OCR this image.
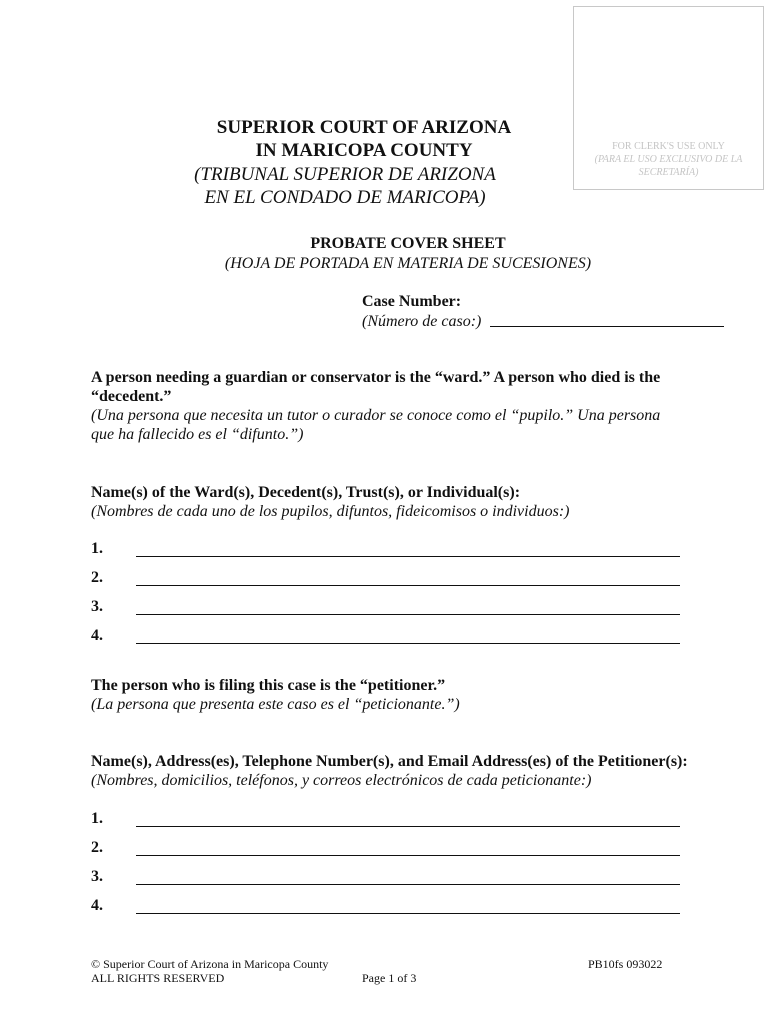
FOR CLERK'S USE ONLY
(PARA EL USO EXCLUSIVO DE LA SECRETARÍA)
SUPERIOR COURT OF ARIZONA
IN MARICOPA COUNTY
(TRIBUNAL SUPERIOR DE ARIZONA
EN EL CONDADO DE MARICOPA)
PROBATE COVER SHEET
(HOJA DE PORTADA EN MATERIA DE SUCESIONES)
Case Number:
(Número de caso:)
A person needing a guardian or conservator is the “ward.” A person who died is the
“decedent.”
(Una persona que necesita un tutor o curador se conoce como el “pupilo.” Una persona
que ha fallecido es el “difunto.”)
Name(s) of the Ward(s), Decedent(s), Trust(s), or Individual(s):
(Nombres de cada uno de los pupilos, difuntos, fideicomisos o individuos:)
1.
2.
3.
4.
The person who is filing this case is the “petitioner.”
(La persona que presenta este caso es el “peticionante.”)
Name(s), Address(es), Telephone Number(s), and Email Address(es) of the Petitioner(s):
(Nombres, domicilios, teléfonos, y correos electrónicos de cada peticionante:)
1.
2.
3.
4.
© Superior Court of Arizona in Maricopa County
ALL RIGHTS RESERVED	Page 1 of 3
PB10fs 093022
